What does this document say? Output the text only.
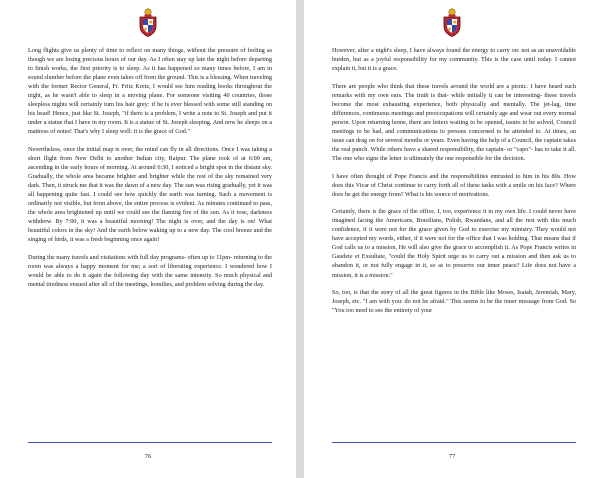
Long flights give us plenty of time to reflect on many things, without the pressure of feeling as though we are losing precious hours of our day. As I often stay up late the night before departing to finish works, the first priority is to sleep. As it has happened so many times before, I am in sound slumber before the plane even takes off from the ground. This is a blessing. When traveling with the former Rector General, Fr. Fritz Kretz, I would see him reading books throughout the night, as he wasn't able to sleep in a moving plane. For someone visiting 40 countries, those sleepless nights will certainly turn his hair grey: if he is ever blessed with some still standing on his head! Hence, just like St. Joseph, "if there is a problem, I write a note to St. Joseph and put it under a statue that I have in my room. It is a statue of St. Joseph sleeping. And now he sleeps on a mattress of notes! That's why I sleep well: it is the grace of God."

Nevertheless, once the initial map is over, the mind can fly in all directions. Once I was taking a short flight from New Delhi to another Indian city, Raipur. The plane took of at 6:00 am, ascending in the early hours of morning. At around 6:30, I noticed a bright spot in the distant sky. Gradually, the whole area became brighter and brighter while the rest of the sky remained very dark. Then, it struck me that it was the dawn of a new day. The sun was rising gradually, yet it was all happening quite fast. I could see how quickly the earth was turning. Such a movement is ordinarily not visible, but from above, the entire process is evident. As minutes continued to pass, the whole area brightened up until we could see the flaming fire of the sun. As it rose, darkness withdrew. By 7:00, it was a beautiful morning! The night is over, and the day is on! What beautiful colors in the sky! And the earth below waking up to a new day. The cool breeze and the singing of birds, it was a fresh beginning once again!

During the many travels and visitations with full day programs- often up to 11pm- returning to the room was always a happy moment for me; a sort of liberating experience. I wondered how I would be able to do it again the following day with the same intensity. So much physical and mental tiredness ensued after all of the meetings, homilies, and problem solving during the day.

76

However, after a night's sleep, I have always found the energy to carry on: not as an unavoidable burden, but as a joyful responsibility for my community. This is the case until today. I cannot explain it, but it is a grace.

There are people who think that these travels around the world are a picnic. I have heard such remarks with my own ears. The truth is that- while initially it can be interesting- these travels become the most exhausting experience, both physically and mentally. The jet-lag, time differences, continuous meetings and preoccupations will certainly age and wear out every normal person. Upon returning home, there are letters waiting to be opened, issues to be solved, Council meetings to be had, and communications to persons concerned to be attended to. At times, an issue can drag on for several months or years. Even having the help of a Council, the captain takes the real punch. While others have a shared responsibility, the captain- or "capo"- has to take it all. The one who signs the letter is ultimately the one responsible for the decision.

I have often thought of Pope Francis and the responsibilities entrusted to him in his 80s. How does this Vicar of Christ continue to carry forth all of these tasks with a smile on his face? Where does he get the energy from? What is his source of motivations.

Certainly, there is the grace of the office. I, too, experience it in my own life. I could never have imagined facing the Americans, Brazilians, Polish, Rwandans, and all the rest with this much confidence, if it were not for the grace given by God to exercise my ministry. They would not have accepted my words, either, if it were not for the office that I was holding. That means that if God calls us to a mission, He will also give the grace to accomplish it. As Pope Francis writes in Gaudete et Exsultate, "could the Holy Spirit urge us to carry out a mission and then ask us to abandon it, or not fully engage in it, so as to preserve our inner peace? Life does not have a mission, it is a mission."

So, too, is that the story of all the great figures in the Bible like Moses, Isaiah, Jeremiah, Mary, Joseph, etc. "I am with you: do not be afraid." This seems to be the inner message from God. So "You too need to see the entirety of your

77
